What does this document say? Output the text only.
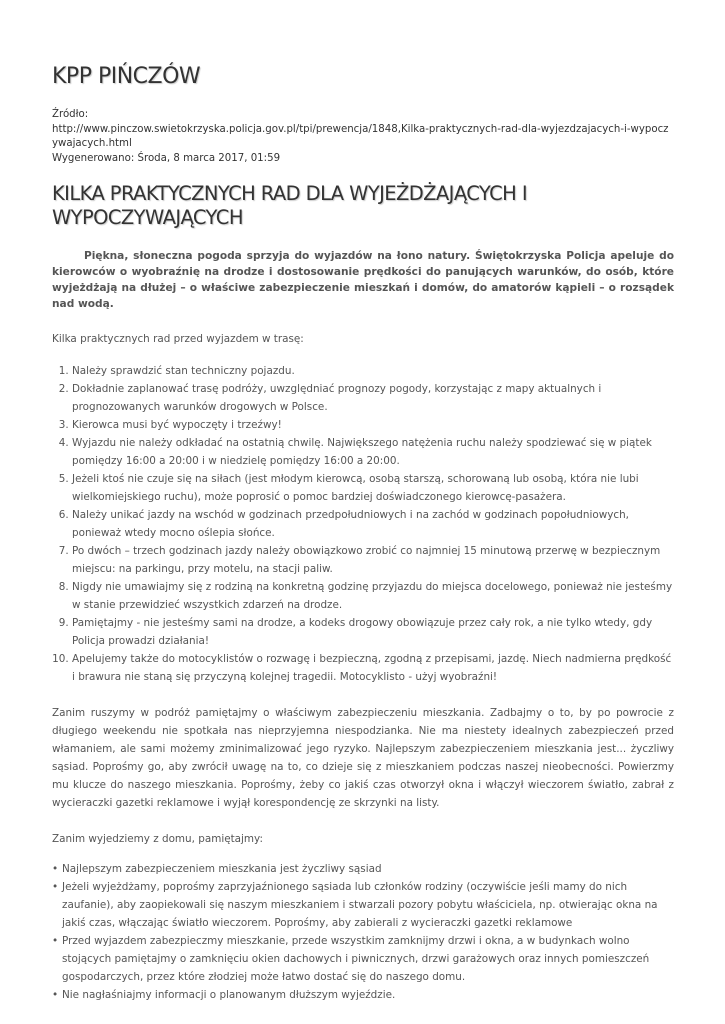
KPP PIŃCZÓW
Źródło:
http://www.pinczow.swietokrzyska.policja.gov.pl/tpi/prewencja/1848,Kilka-praktycznych-rad-dla-wyjezdzajacych-i-wypoczywajacych.html
Wygenerowano: Środa, 8 marca 2017, 01:59
KILKA PRAKTYCZNYCH RAD DLA WYJEŻDŻAJĄCYCH I WYPOCZYWAJĄCYCH

Piękna, słoneczna pogoda sprzyja do wyjazdów na łono natury. Świętokrzyska Policja apeluje do kierowców o wyobraźnię na drodze i dostosowanie prędkości do panujących warunków, do osób, które wyjeżdżają na dłużej – o właściwe zabezpieczenie mieszkań i domów, do amatorów kąpieli – o rozsądek nad wodą.

Kilka praktycznych rad przed wyjazdem w trasę:

1. Należy sprawdzić stan techniczny pojazdu.
2. Dokładnie zaplanować trasę podróży, uwzględniać prognozy pogody, korzystając z mapy aktualnych i prognozowanych warunków drogowych w Polsce.
3. Kierowca musi być wypoczęty i trzeźwy!
4. Wyjazdu nie należy odkładać na ostatnią chwilę. Największego natężenia ruchu należy spodziewać się w piątek pomiędzy 16:00 a 20:00 i w niedzielę pomiędzy 16:00 a 20:00.
5. Jeżeli ktoś nie czuje się na siłach (jest młodym kierowcą, osobą starszą, schorowaną lub osobą, która nie lubi wielkomiejskiego ruchu), może poprosić o pomoc bardziej doświadczonego kierowcę-pasażera.
6. Należy unikać jazdy na wschód w godzinach przedpołudniowych i na zachód w godzinach popołudniowych, ponieważ wtedy mocno oślepia słońce.
7. Po dwóch – trzech godzinach jazdy należy obowiązkowo zrobić co najmniej 15 minutową przerwę w bezpiecznym miejscu: na parkingu, przy motelu, na stacji paliw.
8. Nigdy nie umawiajmy się z rodziną na konkretną godzinę przyjazdu do miejsca docelowego, ponieważ nie jesteśmy w stanie przewidzieć wszystkich zdarzeń na drodze.
9. Pamiętajmy - nie jesteśmy sami na drodze, a kodeks drogowy obowiązuje przez cały rok, a nie tylko wtedy, gdy Policja prowadzi działania!
10. Apelujemy także do motocyklistów o rozwagę i bezpieczną, zgodną z przepisami, jazdę. Niech nadmierna prędkość i brawura nie staną się przyczyną kolejnej tragedii. Motocyklisto - użyj wyobraźni!

Zanim ruszymy w podróż pamiętajmy o właściwym zabezpieczeniu mieszkania. Zadbajmy o to, by po powrocie z długiego weekendu nie spotkała nas nieprzyjemna niespodzianka. Nie ma niestety idealnych zabezpieczeń przed włamaniem, ale sami możemy zminimalizować jego ryzyko. Najlepszym zabezpieczeniem mieszkania jest... życzliwy sąsiad. Poprośmy go, aby zwrócił uwagę na to, co dzieje się z mieszkaniem podczas naszej nieobecności. Powierzmy mu klucze do naszego mieszkania. Poprośmy, żeby co jakiś czas otworzył okna i włączył wieczorem światło, zabrał z wycieraczki gazetki reklamowe i wyjął korespondencję ze skrzynki na listy.

Zanim wyjedziemy z domu, pamiętajmy:

• Najlepszym zabezpieczeniem mieszkania jest życzliwy sąsiad
• Jeżeli wyjeżdżamy, poprośmy zaprzyjaźnionego sąsiada lub członków rodziny (oczywiście jeśli mamy do nich zaufanie), aby zaopiekowali się naszym mieszkaniem i stwarzali pozory pobytu właściciela, np. otwierając okna na jakiś czas, włączając światło wieczorem. Poprośmy, aby zabierali z wycieraczki gazetki reklamowe
• Przed wyjazdem zabezpieczmy mieszkanie, przede wszystkim zamknijmy drzwi i okna, a w budynkach wolno stojących pamiętajmy o zamknięciu okien dachowych i piwnicznych, drzwi garażowych oraz innych pomieszczeń gospodarczych, przez które złodziej może łatwo dostać się do naszego domu.
• Nie nagłaśniajmy informacji o planowanym dłuższym wyjeździe.
